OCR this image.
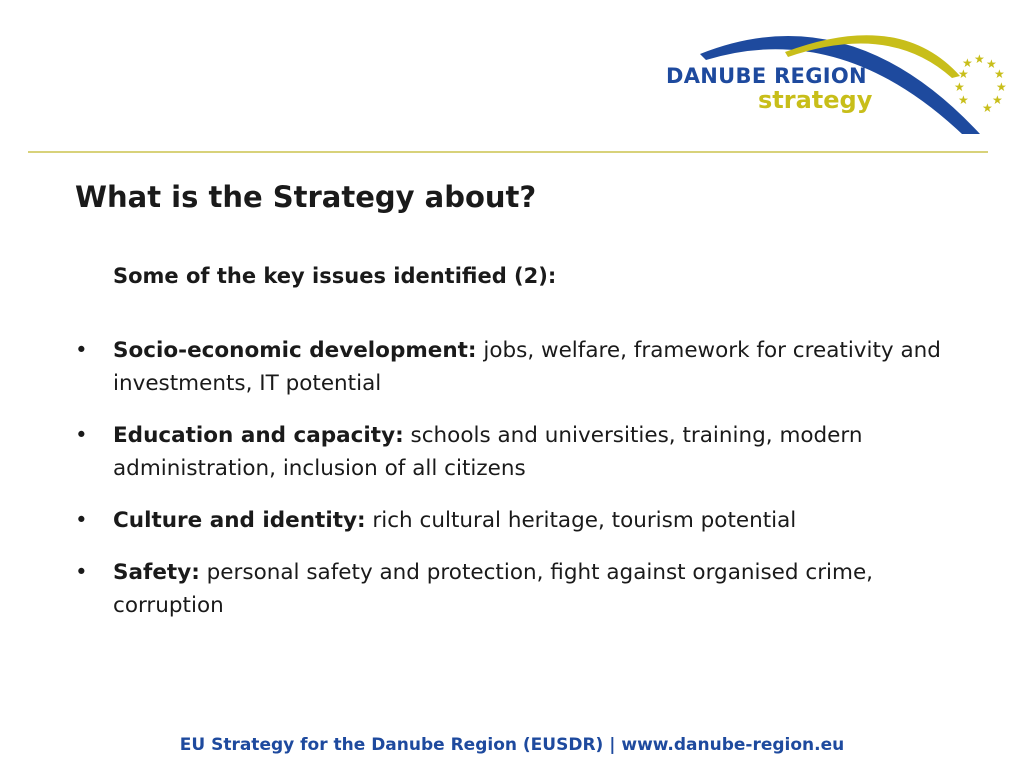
★ ★ ★
★
★
★
★
★
★
★
DANUBE REGION
strategy
What is the Strategy about?
Some of the key issues identified (2):
•	Socio-economic development: jobs, welfare, framework for creativity and investments, IT potential
•	Education and capacity: schools and universities, training, modern administration, inclusion of all citizens
•	Culture and identity: rich cultural heritage, tourism potential
•	Safety: personal safety and protection, fight against organised crime, corruption
EU Strategy for the Danube Region (EUSDR) | www.danube-region.eu
